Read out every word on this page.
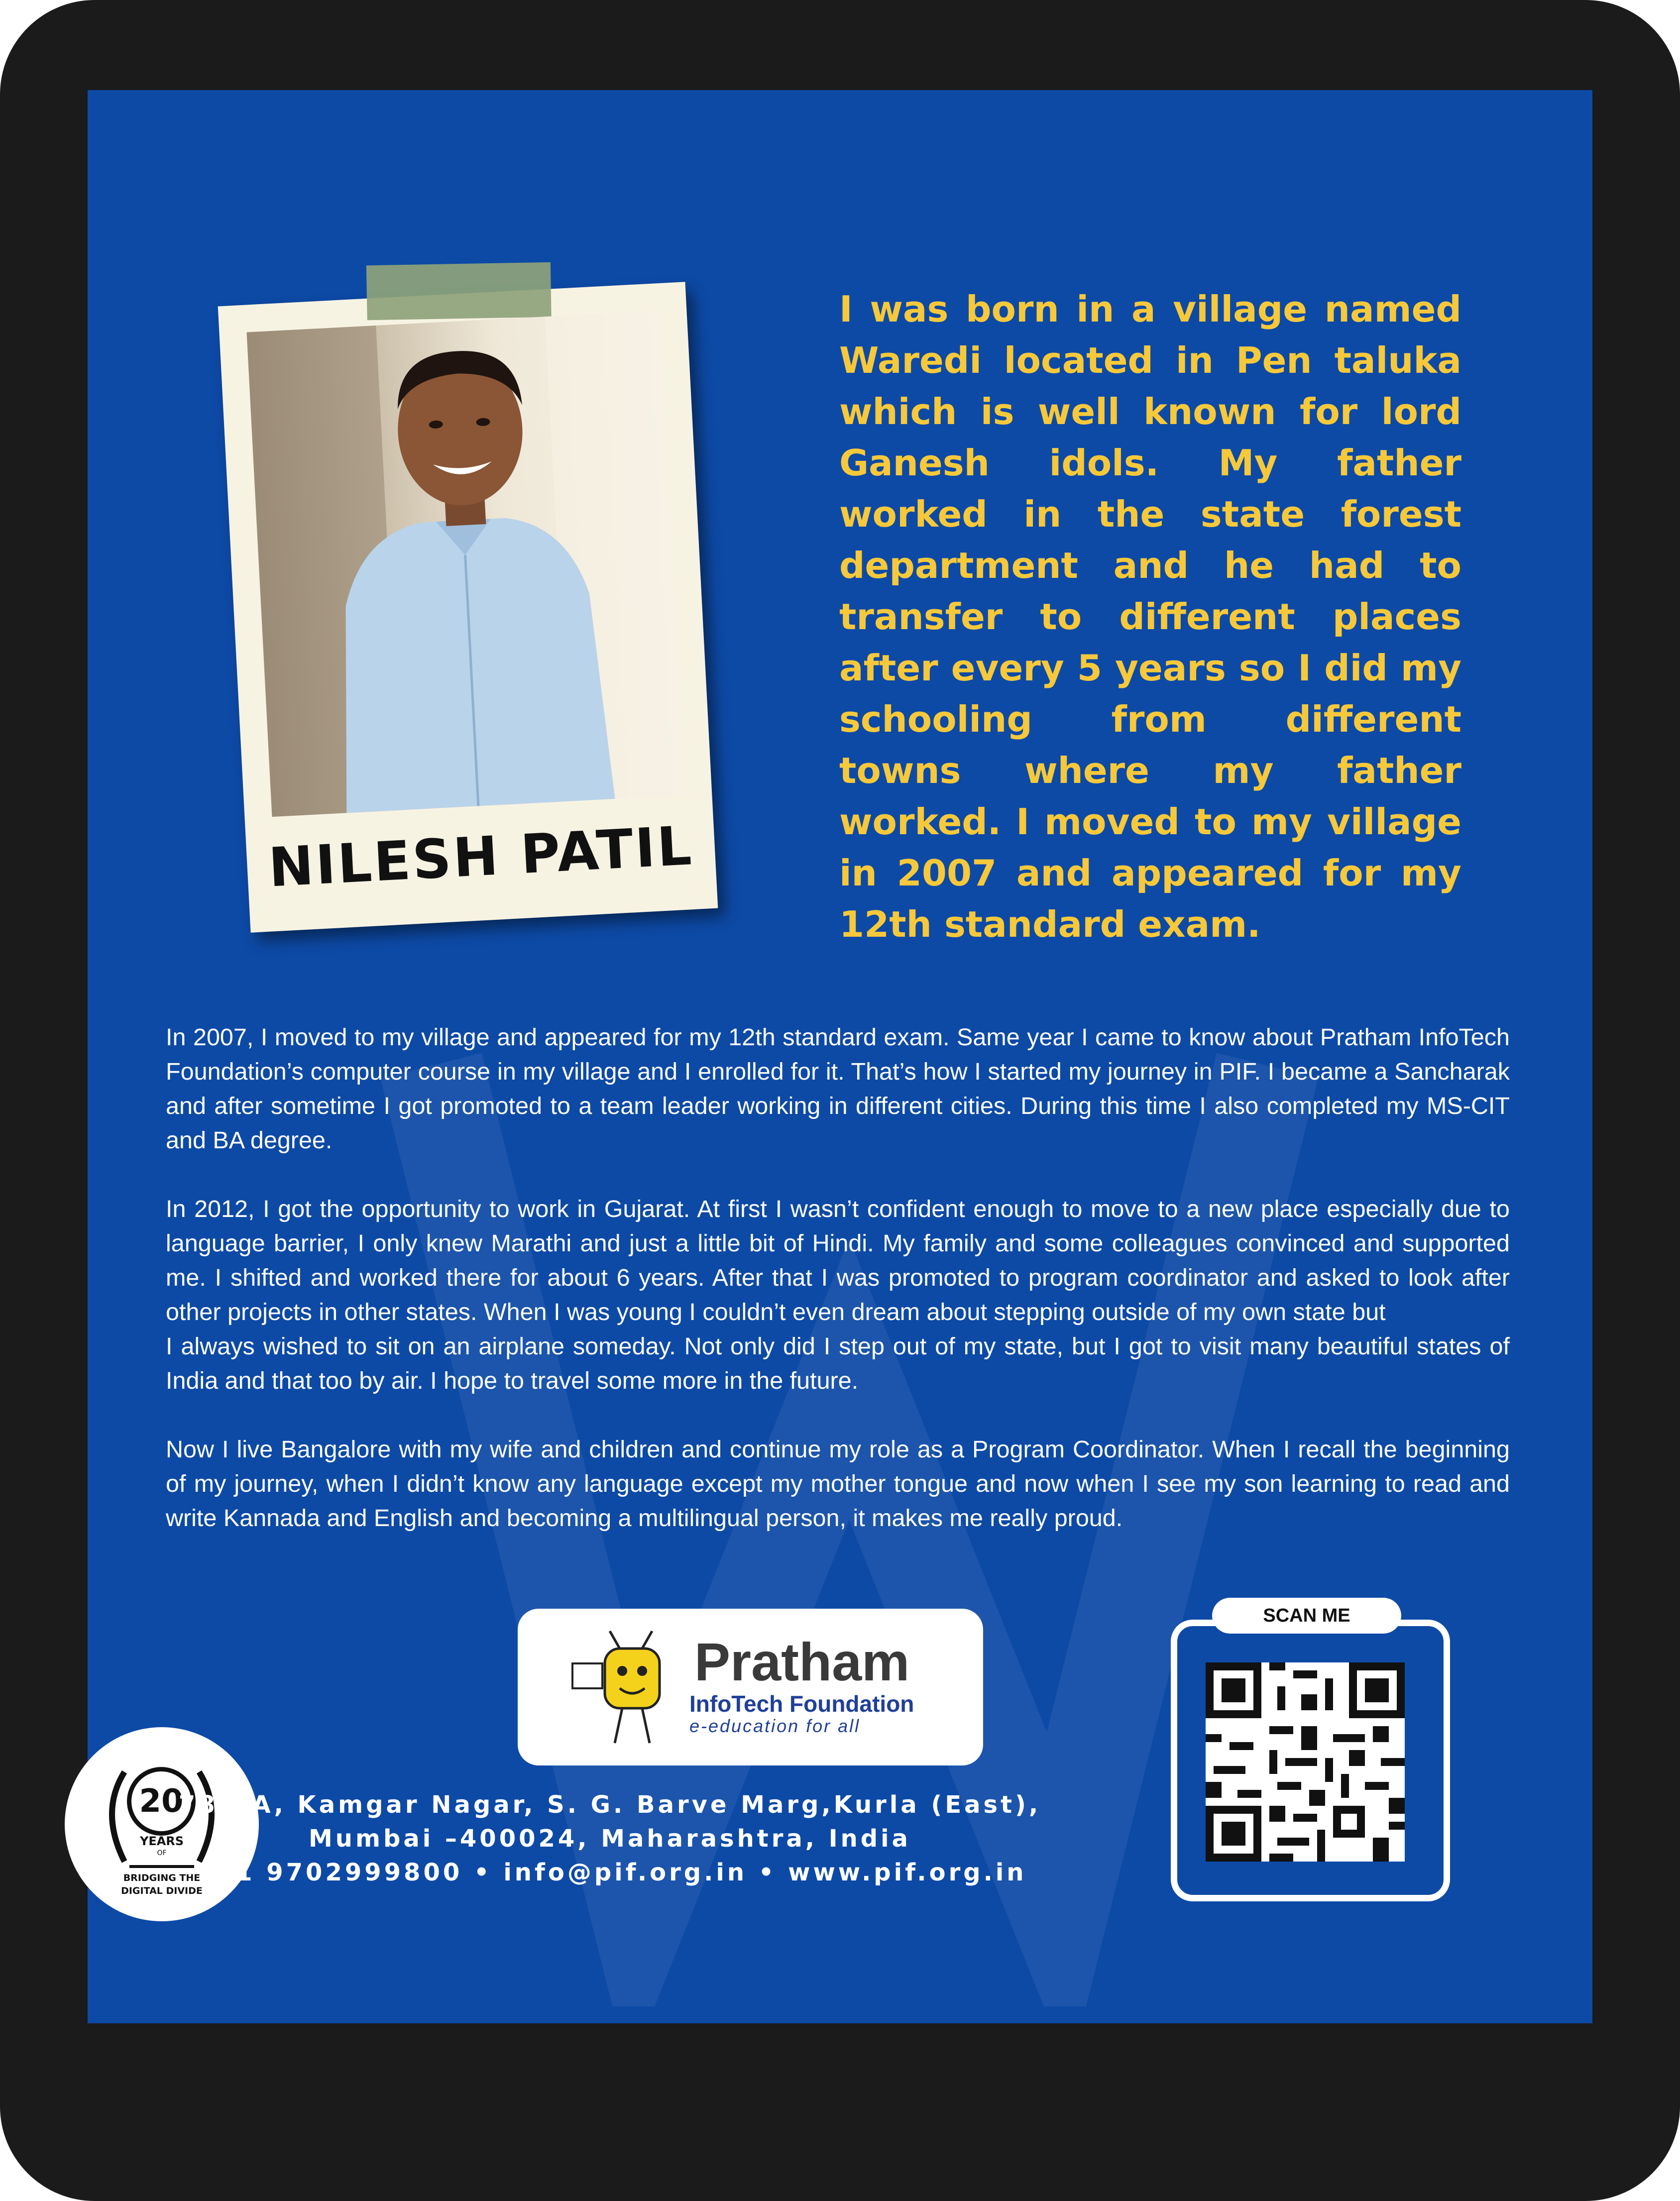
NILESH PATIL

I was born in a village named Waredi located in Pen taluka which is well known for lord Ganesh idols. My father worked in the state forest department and he had to transfer to different places after every 5 years so I did my schooling from different towns where my father worked. I moved to my village in 2007 and appeared for my 12th standard exam.

In 2007, I moved to my village and appeared for my 12th standard exam. Same year I came to know about Pratham InfoTech Foundation’s computer course in my village and I enrolled for it. That’s how I started my journey in PIF. I became a Sancharak and after sometime I got promoted to a team leader working in different cities. During this time I also completed my MS-CIT and BA degree.

In 2012, I got the opportunity to work in Gujarat. At first I wasn’t confident enough to move to a new place especially due to language barrier, I only knew Marathi and just a little bit of Hindi. My family and some colleagues convinced and supported me. I shifted and worked there for about 6 years. After that I was promoted to program coordinator and asked to look after other projects in other states. When I was young I couldn’t even dream about stepping outside of my own state but
I always wished to sit on an airplane someday. Not only did I step out of my state, but I got to visit many beautiful states of India and that too by air. I hope to travel some more in the future.

Now I live Bangalore with my wife and children and continue my role as a Program Coordinator. When I recall the beginning of my journey, when I didn’t know any language except my mother tongue and now when I see my son learning to read and write Kannada and English and becoming a multilingual person, it makes me really proud.

20
YEARS
OF
BRIDGING THE
DIGITAL DIVIDE
Pratham
InfoTech Foundation
e-education for all
78 / A, Kamgar Nagar, S. G. Barve Marg,Kurla (East),
Mumbai –400024, Maharashtra, India
+91 9702999800 • info@pif.org.in • www.pif.org.in
SCAN ME
